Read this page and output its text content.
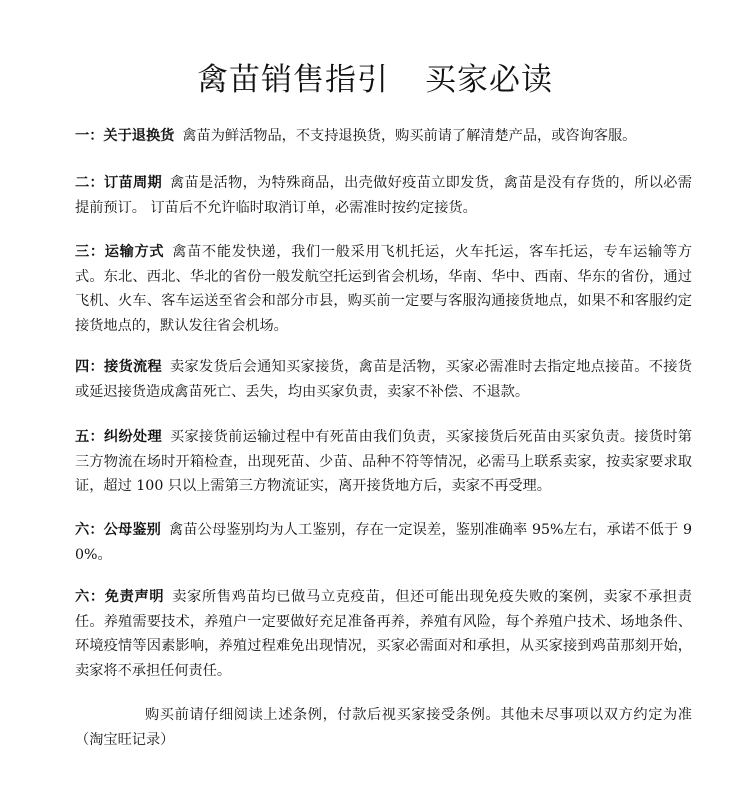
禽苗销售指引 买家必读

一：关于退换货 禽苗为鲜活物品，不支持退换货，购买前请了解清楚产品，或咨询客服。

二：订苗周期 禽苗是活物，为特殊商品，出壳做好疫苗立即发货，禽苗是没有存货的，所以必需提前预订。 订苗后不允许临时取消订单，必需准时按约定接货。

三：运输方式 禽苗不能发快递，我们一般采用飞机托运，火车托运，客车托运，专车运输等方式。东北、西北、华北的省份一般发航空托运到省会机场，华南、华中、西南、华东的省份，通过飞机、火车、客车运送至省会和部分市县，购买前一定要与客服沟通接货地点，如果不和客服约定接货地点的，默认发往省会机场。

四：接货流程 卖家发货后会通知买家接货，禽苗是活物，买家必需准时去指定地点接苗。不接货或延迟接货造成禽苗死亡、丢失，均由买家负责，卖家不补偿、不退款。

五：纠纷处理 买家接货前运输过程中有死苗由我们负责，买家接货后死苗由买家负责。接货时第三方物流在场时开箱检查，出现死苗、少苗、品种不符等情况，必需马上联系卖家，按卖家要求取证，超过 100 只以上需第三方物流证实，离开接货地方后，卖家不再受理。

六：公母鉴别 禽苗公母鉴别均为人工鉴别，存在一定误差，鉴别准确率 95%左右，承诺不低于 90%。

六：免责声明 卖家所售鸡苗均已做马立克疫苗，但还可能出现免疫失败的案例，卖家不承担责任。养殖需要技术，养殖户一定要做好充足准备再养，养殖有风险，每个养殖户技术、场地条件、环境疫情等因素影响，养殖过程难免出现情况，买家必需面对和承担，从买家接到鸡苗那刻开始，卖家将不承担任何责任。

购买前请仔细阅读上述条例，付款后视买家接受条例。其他未尽事项以双方约定为准（淘宝旺记录）
